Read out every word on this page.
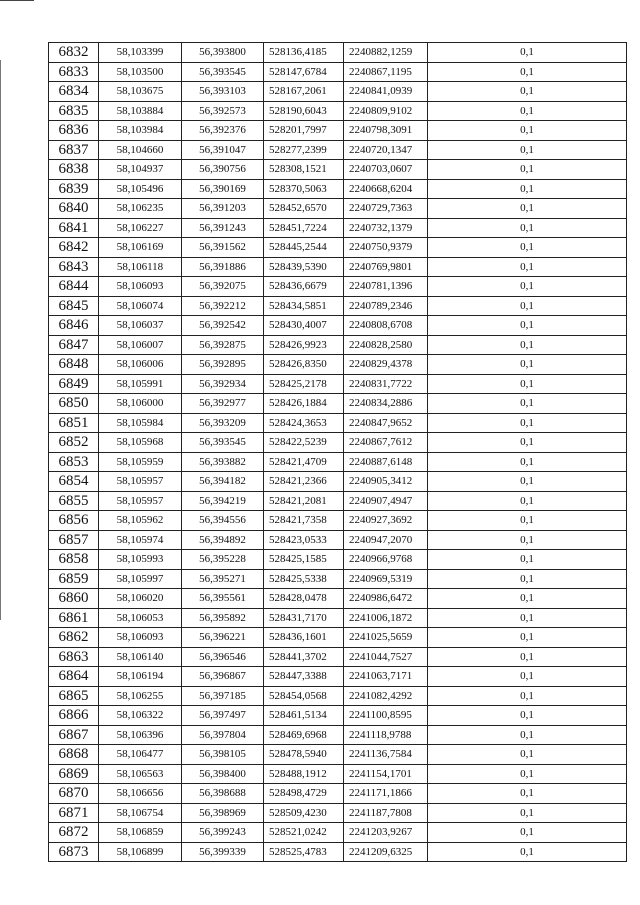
6832	58,103399	56,393800	528136,4185	2240882,1259	0,1
6833	58,103500	56,393545	528147,6784	2240867,1195	0,1
6834	58,103675	56,393103	528167,2061	2240841,0939	0,1
6835	58,103884	56,392573	528190,6043	2240809,9102	0,1
6836	58,103984	56,392376	528201,7997	2240798,3091	0,1
6837	58,104660	56,391047	528277,2399	2240720,1347	0,1
6838	58,104937	56,390756	528308,1521	2240703,0607	0,1
6839	58,105496	56,390169	528370,5063	2240668,6204	0,1
6840	58,106235	56,391203	528452,6570	2240729,7363	0,1
6841	58,106227	56,391243	528451,7224	2240732,1379	0,1
6842	58,106169	56,391562	528445,2544	2240750,9379	0,1
6843	58,106118	56,391886	528439,5390	2240769,9801	0,1
6844	58,106093	56,392075	528436,6679	2240781,1396	0,1
6845	58,106074	56,392212	528434,5851	2240789,2346	0,1
6846	58,106037	56,392542	528430,4007	2240808,6708	0,1
6847	58,106007	56,392875	528426,9923	2240828,2580	0,1
6848	58,106006	56,392895	528426,8350	2240829,4378	0,1
6849	58,105991	56,392934	528425,2178	2240831,7722	0,1
6850	58,106000	56,392977	528426,1884	2240834,2886	0,1
6851	58,105984	56,393209	528424,3653	2240847,9652	0,1
6852	58,105968	56,393545	528422,5239	2240867,7612	0,1
6853	58,105959	56,393882	528421,4709	2240887,6148	0,1
6854	58,105957	56,394182	528421,2366	2240905,3412	0,1
6855	58,105957	56,394219	528421,2081	2240907,4947	0,1
6856	58,105962	56,394556	528421,7358	2240927,3692	0,1
6857	58,105974	56,394892	528423,0533	2240947,2070	0,1
6858	58,105993	56,395228	528425,1585	2240966,9768	0,1
6859	58,105997	56,395271	528425,5338	2240969,5319	0,1
6860	58,106020	56,395561	528428,0478	2240986,6472	0,1
6861	58,106053	56,395892	528431,7170	2241006,1872	0,1
6862	58,106093	56,396221	528436,1601	2241025,5659	0,1
6863	58,106140	56,396546	528441,3702	2241044,7527	0,1
6864	58,106194	56,396867	528447,3388	2241063,7171	0,1
6865	58,106255	56,397185	528454,0568	2241082,4292	0,1
6866	58,106322	56,397497	528461,5134	2241100,8595	0,1
6867	58,106396	56,397804	528469,6968	2241118,9788	0,1
6868	58,106477	56,398105	528478,5940	2241136,7584	0,1
6869	58,106563	56,398400	528488,1912	2241154,1701	0,1
6870	58,106656	56,398688	528498,4729	2241171,1866	0,1
6871	58,106754	56,398969	528509,4230	2241187,7808	0,1
6872	58,106859	56,399243	528521,0242	2241203,9267	0,1
6873	58,106899	56,399339	528525,4783	2241209,6325	0,1
